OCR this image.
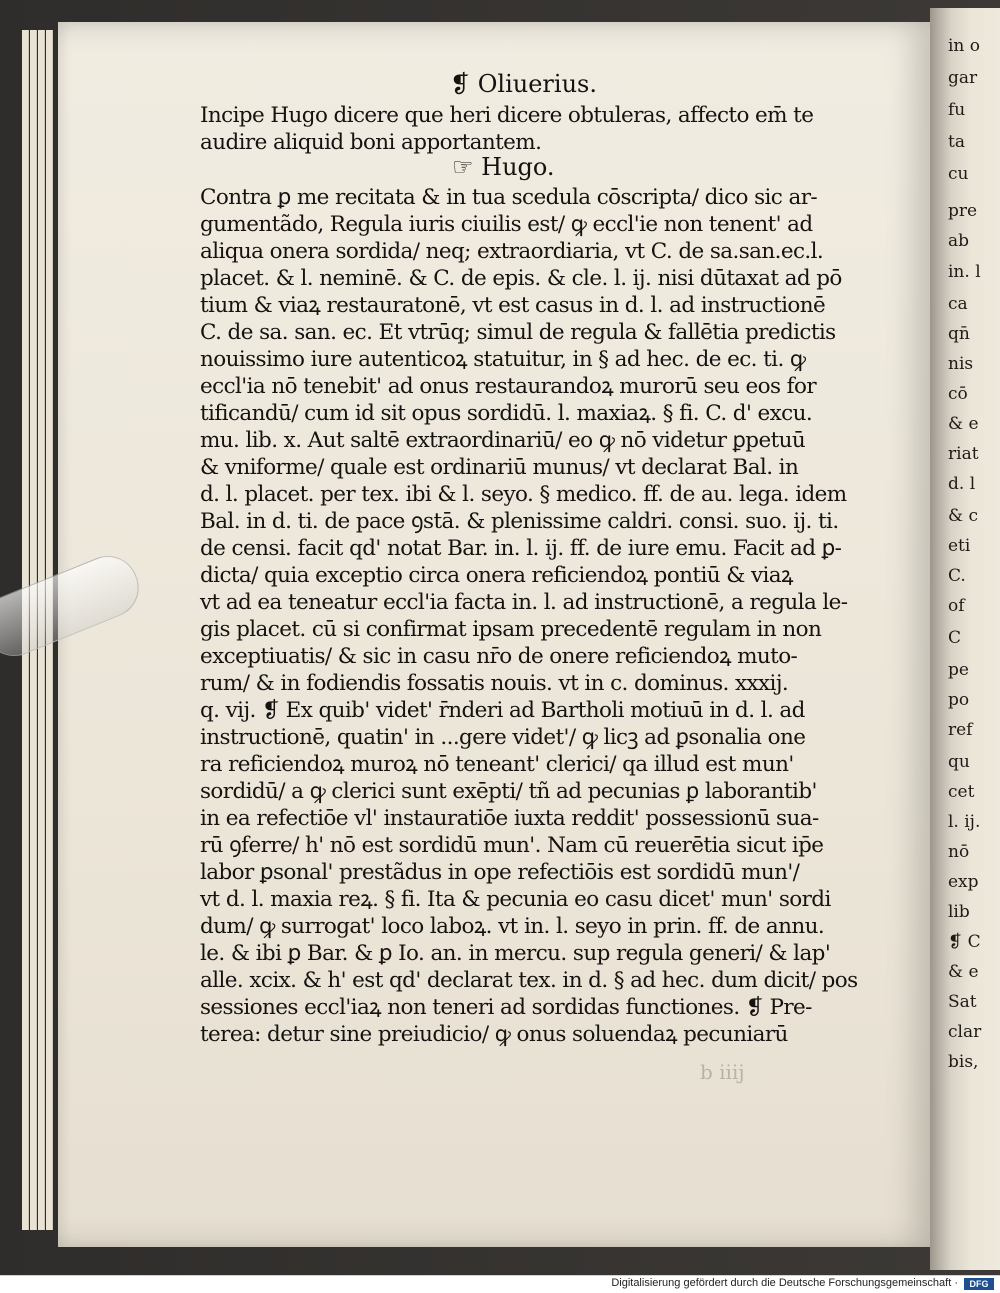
❡ Oliuerius.
Incipe Hugo dicere que heri dicere obtuleras, affecto em̄ te
audire aliquid boni apportantem.
☞ Hugo.
Contra ꝑ me recitata & in tua scedula cōscripta/ dico sic ar-
gumentãdo, Regula iuris ciuilis est/ ꝙ eccl'ie non tenent' ad
aliqua onera sordida/ neq; extraordiaria, vt C. de sa.san.ec.l.
placet. & l. neminē. & C. de epis. & cle. l. ij. nisi dūtaxat ad pō
tium & viaꝝ restauratonē, vt est casus in d. l. ad instructionē
C. de sa. san. ec. Et vtrūq; simul de regula & fallētia predictis
nouissimo iure autenticoꝝ statuitur, in § ad hec. de ec. ti. ꝙ
eccl'ia nō tenebit' ad onus restaurandoꝝ murorū seu eos for
tificandū/ cum id sit opus sordidū. l. maxiaꝝ. § fi. C. d' excu.
mu. lib. x. Aut saltē extraordinariū/ eo ꝙ nō videtur ꝑpetuū
& vniforme/ quale est ordinariū munus/ vt declarat Bal. in
d. l. placet. per tex. ibi & l. seyo. § medico. ff. de au. lega. idem
Bal. in d. ti. de pace ꝯstā. & plenissime caldri. consi. suo. ij. ti.
de censi. facit qd' notat Bar. in. l. ij. ff. de iure emu. Facit ad ꝑ-
dicta/ quia exceptio circa onera reficiendoꝝ pontiū & viaꝝ
vt ad ea teneatur eccl'ia facta in. l. ad instructionē, a regula le-
gis placet. cū si confirmat ipsam precedentē regulam in non
exceptiuatis/ & sic in casu nr̄o de onere reficiendoꝝ muto-
rum/ & in fodiendis fossatis nouis. vt in c. dominus. xxxij.
q. vij. ❡ Ex quib' videt' r̄nderi ad Bartholi motiuū in d. l. ad
instructionē, quatin' in ...gere videt'/ ꝙ licꝫ ad ꝑsonalia one
ra reficiendoꝝ muroꝝ nō teneant' clerici/ qa illud est mun'
sordidū/ a ꝙ clerici sunt exēpti/ tñ ad pecunias ꝑ laborantib'
in ea refectiōe vl' instauratiōe iuxta reddit' possessionū sua-
rū ꝯferre/ h' nō est sordidū mun'. Nam cū reuerētia sicut ip̄e
labor ꝑsonal' prestãdus in ope refectiōis est sordidū mun'/
vt d. l. maxia reꝝ. § fi. Ita & pecunia eo casu dicet' mun' sordi
dum/ ꝙ surrogat' loco laboꝝ. vt in. l. seyo in prin. ff. de annu.
le. & ibi ꝑ Bar. & ꝑ Io. an. in mercu. sup regula generi/ & lap'
alle. xcix. & h' est qd' declarat tex. in d. § ad hec. dum dicit/ pos
sessiones eccl'iaꝝ non teneri ad sordidas functiones. ❡ Pre-
terea: detur sine preiudicio/ ꝙ onus soluendaꝝ pecuniarū
b iiij
in o
gar
fu
ta
cu
pre
ab
in. l
ca
qn̄
nis
cō
& e
riat
d. l
& c
eti
C.
of
C
pe
po
ref
qu
cet
l. ij.
nō
exp
lib
❡ C
& e
Sat
clar
bis,
Digitalisierung gefördert durch die Deutsche Forschungsgemeinschaft ·	DFG
